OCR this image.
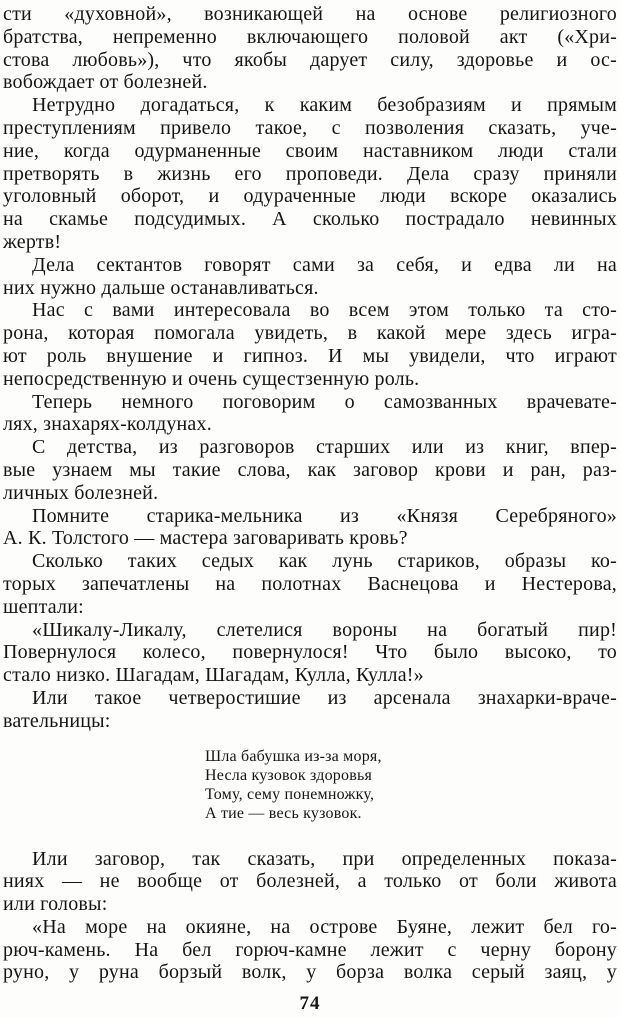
сти «духовной», возникающей на основе религиозного
братства, непременно включающего половой акт («Хри-
стова любовь»), что якобы дарует силу, здоровье и ос-
вобождает от болезней.
Нетрудно догадаться, к каким безобразиям и прямым
преступлениям привело такое, с позволения сказать, уче-
ние, когда одурманенные своим наставником люди стали
претворять в жизнь его проповеди. Дела сразу приняли
уголовный оборот, и одураченные люди вскоре оказались
на скамье подсудимых. А сколько пострадало невинных
жертв!
Дела сектантов говорят сами за себя, и едва ли на
них нужно дальше останавливаться.
Нас с вами интересовала во всем этом только та сто-
рона, которая помогала увидеть, в какой мере здесь игра-
ют роль внушение и гипноз. И мы увидели, что играют
непосредственную и очень сущестзенную роль.
Теперь немного поговорим о самозванных врачевате-
лях, знахарях-колдунах.
С детства, из разговоров старших или из книг, впер-
вые узнаем мы такие слова, как заговор крови и ран, раз-
личных болезней.
Помните старика-мельника из «Князя Серебряного»
А. К. Толстого — мастера заговаривать кровь?
Сколько таких седых как лунь стариков, образы ко-
торых запечатлены на полотнах Васнецова и Нестерова,
шептали:
«Шикалу-Ликалу, слетелися вороны на богатый пир!
Повернулося колесо, повернулося! Что было высоко, то
стало низко. Шагадам, Шагадам, Кулла, Кулла!»
Или такое четверостишие из арсенала знахарки-враче-
вательницы:
Шла бабушка из-за моря,
Несла кузовок здоровья
Тому, сему понемножку,
А тие — весь кузовок.
Или заговор, так сказать, при определенных показа-
ниях — не вообще от болезней, а только от боли живота
или головы:
«На море на окияне, на острове Буяне, лежит бел го-
рюч-камень. На бел горюч-камне лежит с черну борону
руно, у руна борзый волк, у борза волка серый заяц, у
74
